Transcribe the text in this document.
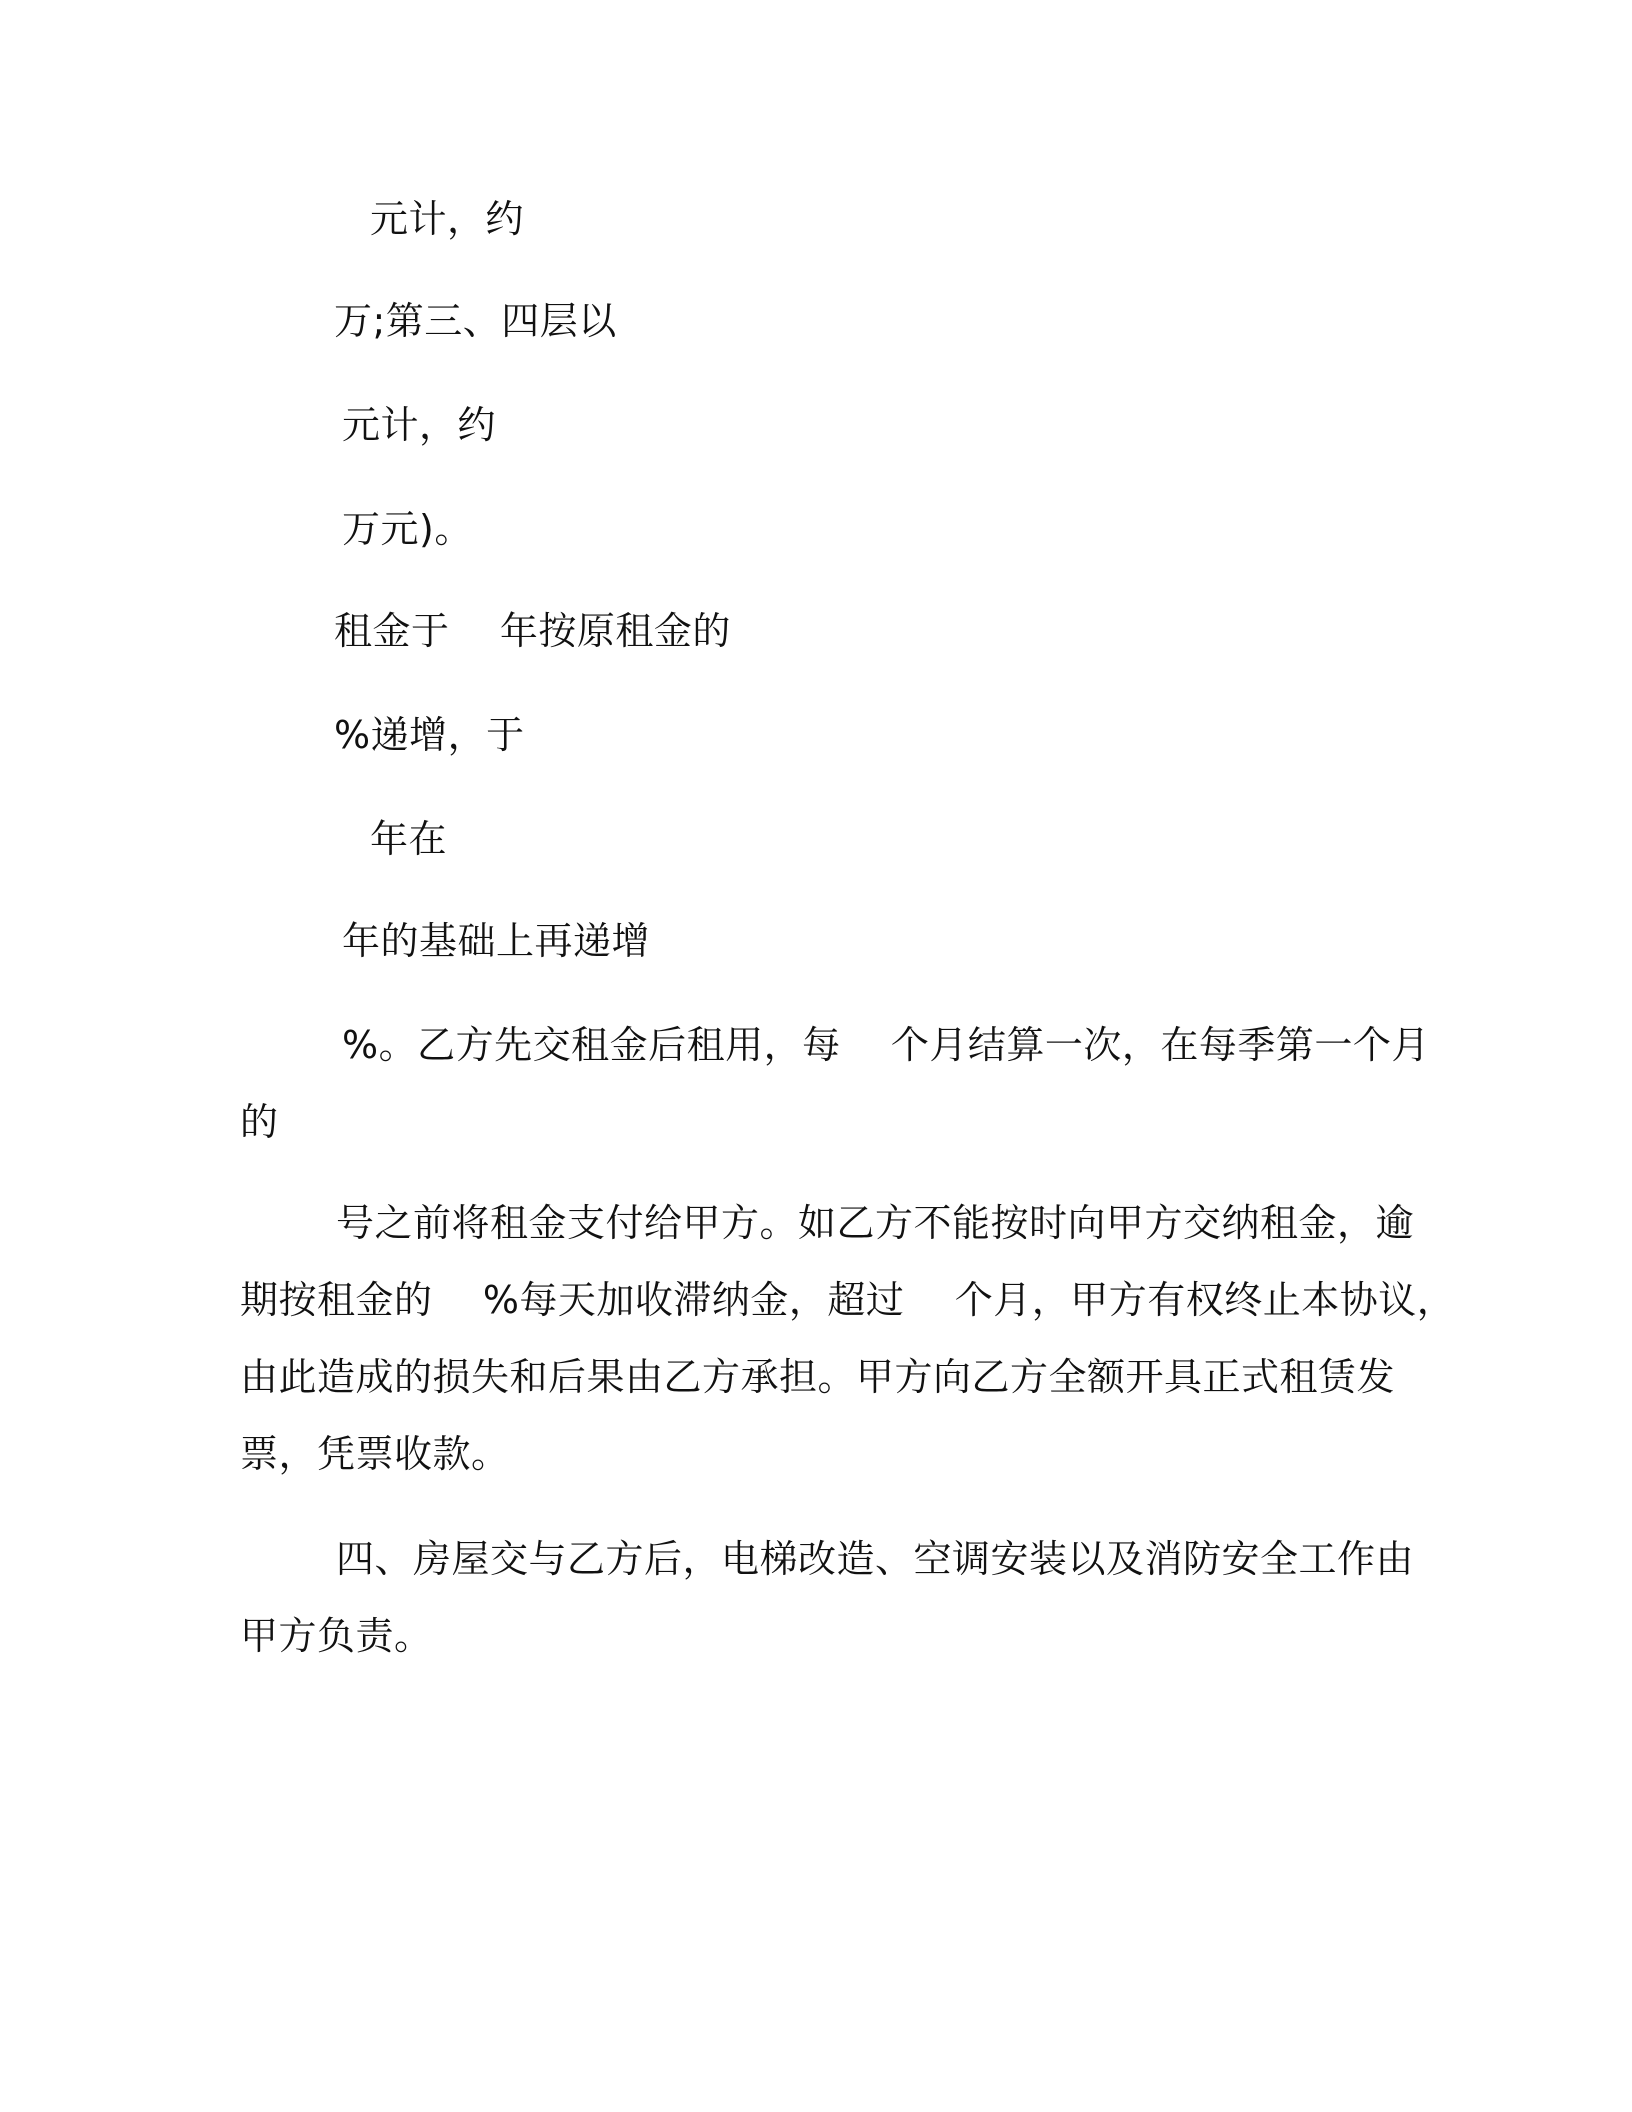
元计，约
万;第三、四层以
元计，约
万元)。
租金于    年按原租金的
%递增，于
年在
年的基础上再递增
%。乙方先交租金后租用，每    个月结算一次，在每季第一个月
的
号之前将租金支付给甲方。如乙方不能按时向甲方交纳租金，逾
期按租金的    %每天加收滞纳金，超过    个月，甲方有权终止本协议，
由此造成的损失和后果由乙方承担。甲方向乙方全额开具正式租赁发
票，凭票收款。
四、房屋交与乙方后，电梯改造、空调安装以及消防安全工作由
甲方负责。
